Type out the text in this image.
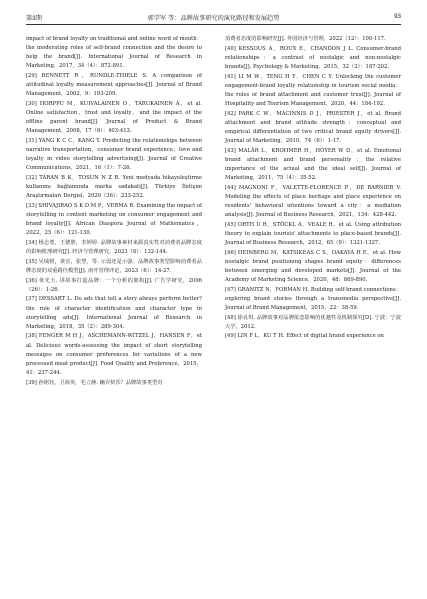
第3期	郭学军 等：品牌故事研究的演化路径和发展趋势	93
impact of brand loyalty on traditional and online word of mouth：the moderating roles of self-brand connection and the desire to help the brand[J]. International Journal of Research in Marketing，2017，34（4）：872-891.
[29] BENNETT R，RUNDLE-THIELE S. A comparison of attitudinal loyalty measurement approaches[J]. Journal of Brand Management，2002，9：193-209.
[30] HORPPU M，KUIVALAINEN O，TARUKAINEN A，et al. Online satisfaction，trust and loyalty，and the impact of the offline parent brand[J]. Journal of Product & Brand Management，2008，17（6）：403-413.
[31] YANG K C C，KANG Y. Predicting the relationships between narrative transportation，consumer brand experience，love and loyalty in video storytelling advertising[J]. Journal of Creative Communications，2021，16（1）：7-26.
[32] TARAN B K，TOSUN N Z B. Yeni medyada hikayeleştirme kullanımı bağlamında marka sadakati[J]. Türkiye İletişim Araştırmaları Dergisi，2020（36）：233-252.
[33] SHIVAJIRAO S K D M P，VERMA R. Examining the impact of storytelling in content marketing on consumer engagement and brand loyalty[J]. African Diaspora Journal of Mathematics，2022，25（6）：121-130.
[34] 杨志勇，王德胜，李婷婷. 品牌故事素材来源真实性对消费者品牌态度的影响机理研究[J]. 经济与管理研究，2023（8）：132-144.
[35] 吴绒媛，黄宜，张慧，等. 示弱还是示强：品牌故事类型影响消费者品牌态度的双重路径模型[J]. 南开管理评论，2023（6）：14-27.
[36] 黄光玉. 讲故事打造品牌：一个分析的架构[J]. 广告学研究，2006（26）：1-26.
[37] DESSART L. Do ads that tell a story always perform better? the role of character identification and character type in storytelling ads[J]. International Journal of Research in Marketing，2018，35（2）：289-304.
[38] FENGER M H J，ASCHEMANN-WITZEL J，HANSEN F，et al. Delicious words-assessing the impact of short storytelling messages on consumer preferences for variations of a new processed meat product[J]. Food Quality and Preference，2015，41：237-244.
[39] 孙铭钰，卫海英，毛立静. 幽弄快乐？品牌故事类型对
消费者态度的影响研究[J]. 外国经济与管理，2022（12）：100-117.
[40] KESSOUS A，ROUX E，CHANDON J L. Consumer-brand relationships：a contrast of nostalgic and non-nostalgic brands[J]. Psychology & Marketing，2015，32（2）：187-202.
[41] LI M W，TENG H Y，CHEN C Y. Unlocking the customer engagement-brand loyalty relationship in tourism social media：the roles of brand attachment and customer trust[J]. Journal of Hospitality and Tourism Management，2020，44：184-192.
[42] PARK C W，MACINNIS D J，PRIESTER J，et al. Brand attachment and brand attitude strength：conceptual and empirical differentiation of two critical brand equity drivers[J]. Journal of Marketing，2010，74（6）：1-17.
[43] MALÄR L，KROHMER H，HOYER W D，et al. Emotional brand attachment and brand personality：the relative importance of the actual and the ideal self[J]. Journal of Marketing，2011，75（4）：35-52.
[44] MAGNONI F，VALETTE-FLORENCE P，DE BARNIER V. Modeling the effects of place heritage and place experience on residents' behavioral intentions toward a city：a mediation analysis[J]. Journal of Business Research，2021，134：428-442.
[45] ORTH U R，STÖCKL A，VEALE R，et al. Using attribution theory to explain tourists' attachments to place-based brands[J]. Journal of Business Research，2012，65（9）：1321-1327.
[46] HEINBERG M，KATSIKEAS C S，OAKAYA H E，et al. How nostalgic brand positioning shapes brand equity：differences between emerging and developed markets[J]. Journal of the Academy of Marketing Science，2020，48：869-890.
[47] GRANITZ N，FORMAN H. Building self-brand connections：exploring brand stories through a transmedia perspective[J]. Journal of Brand Management，2015，22：38-59.
[48] 徐良琪. 品牌故事对品牌依恋影响的优越性及机制探究[D]. 宁波：宁波大学，2012.
[49] LIN F L，KU T H. Effect of digital brand experience on
